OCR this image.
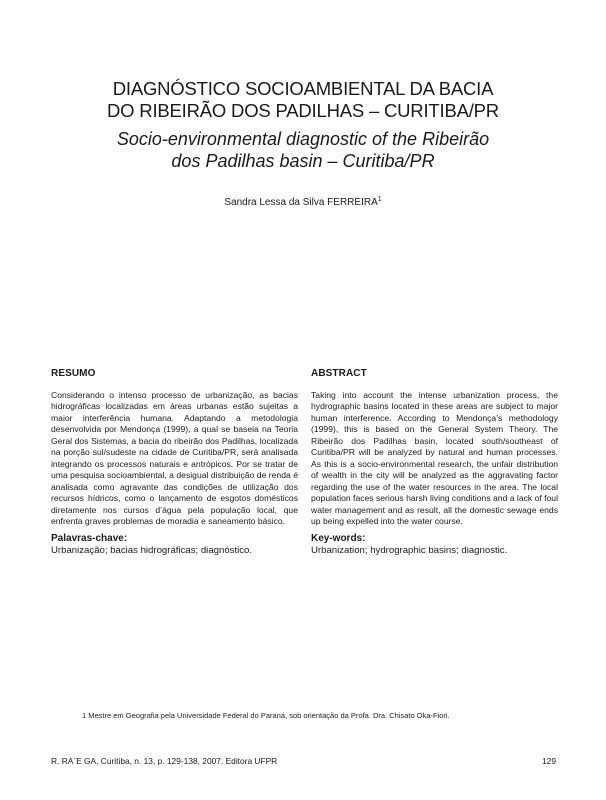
DIAGNÓSTICO SOCIOAMBIENTAL DA BACIA
DO RIBEIRÃO DOS PADILHAS – CURITIBA/PR
Socio-environmental diagnostic of the Ribeirão
dos Padilhas basin – Curitiba/PR
Sandra Lessa da Silva FERREIRA$^1$
RESUMO

Considerando o intenso processo de urbanização, as bacias hidrográficas localizadas em áreas urbanas estão sujeitas a maior interferência humana. Adaptando a metodologia desenvolvida por Mendonça (1999), a qual se baseia na Teoria Geral dos Sistemas, a bacia do ribeirão dos Padilhas, localizada na porção sul/sudeste na cidade de Curitiba/PR, será analisada integrando os processos naturais e antrópicos. Por se tratar de uma pesquisa socioambiental, a desigual distribuição de renda é analisada como agravante das condições de utilização dos recursos hídricos, como o lançamento de esgotos domésticos diretamente nos cursos d’água pela população local, que enfrenta graves problemas de moradia e saneamento básico.

Palavras-chave:

Urbanização; bacias hidrográficas; diagnóstico.

ABSTRACT

Taking into account the intense urbanization process, the hydrographic basins located in these areas are subject to major human interference. According to Mendonça’s methodology (1999), this is based on the General System Theory. The Ribeirão dos Padilhas basin, located south/southeast of Curitiba/PR will be analyzed by natural and human processes. As this is a socio-environmental research, the unfair distribution of wealth in the city will be analyzed as the aggravating factor regarding the use of the water resources in the area. The local population faces serious harsh living conditions and a lack of foul water management and as result, all the domestic sewage ends up being expelled into the water course.

Key-words:

Urbanization; hydrographic basins; diagnostic.

1 Mestre em Geografia pela Universidade Federal do Paraná, sob orientação da Profa. Dra. Chisato Oka-Fiori.
R. RA´E GA, Curitiba, n. 13, p. 129-138, 2007. Editora UFPR	129
